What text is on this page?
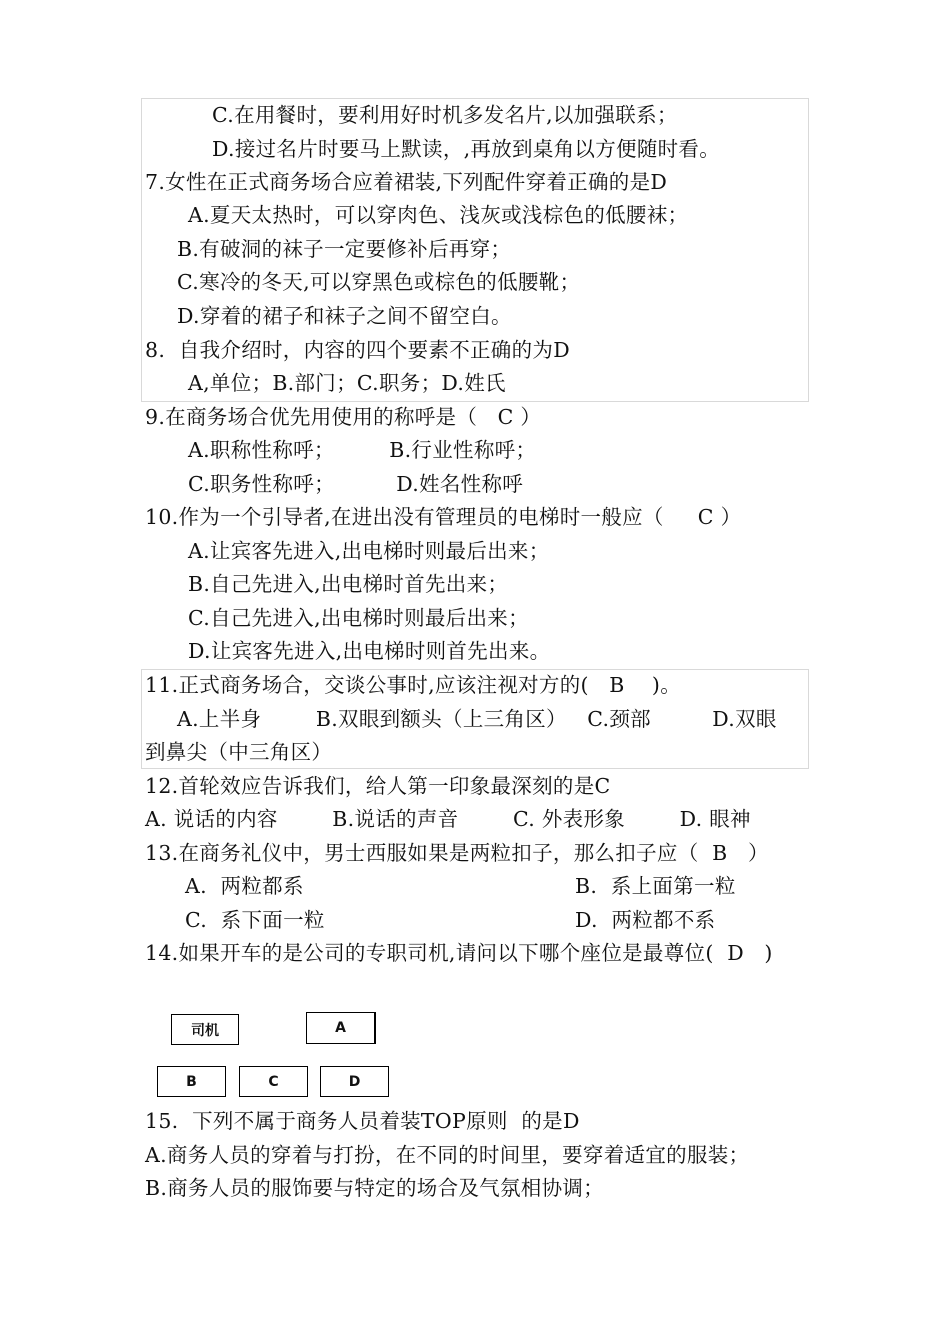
C.在用餐时，要利用好时机多发名片,以加强联系；
D.接过名片时要马上默读，,再放到桌角以方便随时看。
7.女性在正式商务场合应着裙装,下列配件穿着正确的是D
A.夏天太热时，可以穿肉色、浅灰或浅棕色的低腰袜；
B.有破洞的袜子一定要修补后再穿；
C.寒冷的冬天,可以穿黑色或棕色的低腰靴；
D.穿着的裙子和袜子之间不留空白。
8.  自我介绍时，内容的四个要素不正确的为D
A,单位；B.部门；C.职务；D.姓氏
9.在商务场合优先用使用的称呼是（   C ）
A.职称性称呼；        B.行业性称呼；
C.职务性称呼；         D.姓名性称呼
10.作为一个引导者,在进出没有管理员的电梯时一般应（     C ）
A.让宾客先进入,出电梯时则最后出来；
B.自己先进入,出电梯时首先出来；
C.自己先进入,出电梯时则最后出来；
D.让宾客先进入,出电梯时则首先出来。
11.正式商务场合，交谈公事时,应该注视对方的(   B    )。
A.上半身        B.双眼到额头（上三角区）   C.颈部         D.双眼
到鼻尖（中三角区）
12.首轮效应告诉我们，给人第一印象最深刻的是C
A. 说话的内容        B.说话的声音        C. 外表形象        D. 眼神
13.在商务礼仪中，男士西服如果是两粒扣子，那么扣子应（  B   ）
A.  两粒都系	B.  系上面第一粒
C.  系下面一粒	D.  两粒都不系
14.如果开车的是公司的专职司机,请问以下哪个座位是最尊位(  D   )
司机	A
B	C	D
15.  下列不属于商务人员着装TOP原则  的是D
A.商务人员的穿着与打扮，在不同的时间里，要穿着适宜的服装；
B.商务人员的服饰要与特定的场合及气氛相协调；
